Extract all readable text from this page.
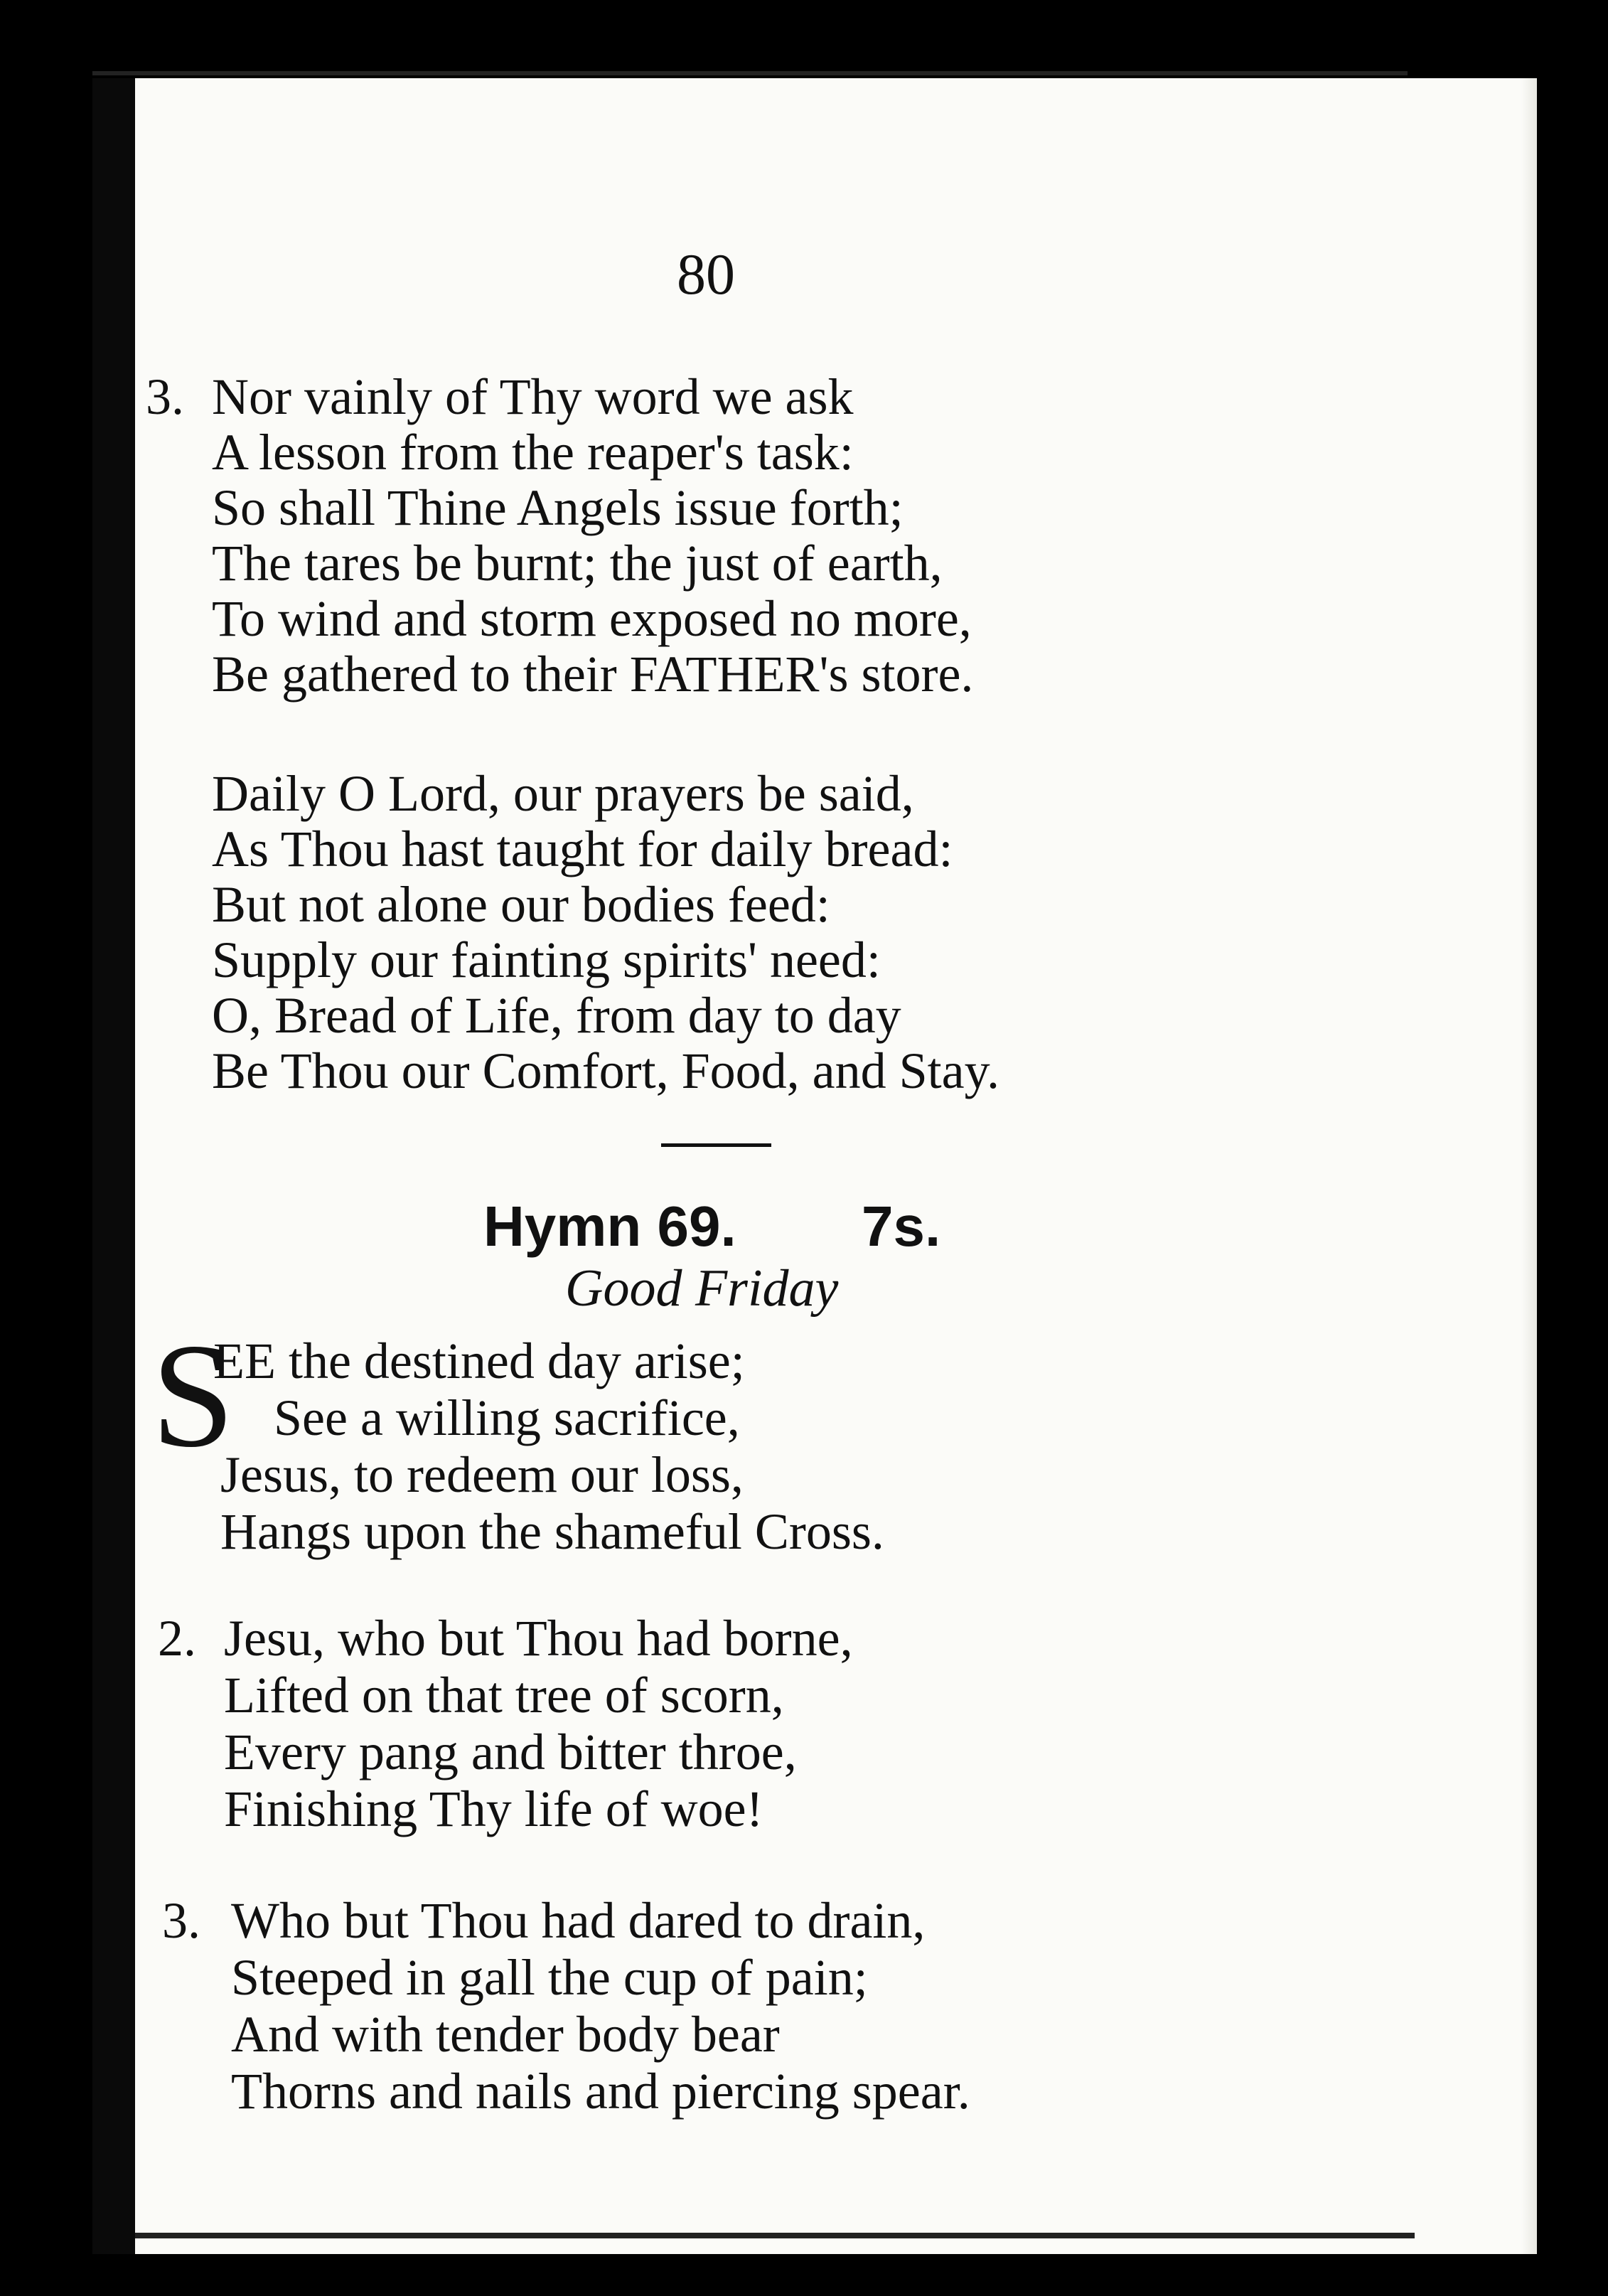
80
3. Nor vainly of Thy word we ask
A lesson from the reaper's task:
So shall Thine Angels issue forth;
The tares be burnt; the just of earth,
To wind and storm exposed no more,
Be gathered to their FATHER's store.
Daily O Lord, our prayers be said,
As Thou hast taught for daily bread:
But not alone our bodies feed:
Supply our fainting spirits' need:
O, Bread of Life, from day to day
Be Thou our Comfort, Food, and Stay.
Hymn 69. 7s.
Good Friday
S
EE the destined day arise;
See a willing sacrifice,
Jesus, to redeem our loss,
Hangs upon the shameful Cross.
2. Jesu, who but Thou had borne,
Lifted on that tree of scorn,
Every pang and bitter throe,
Finishing Thy life of woe!
3. Who but Thou had dared to drain,
Steeped in gall the cup of pain;
And with tender body bear
Thorns and nails and piercing spear.
